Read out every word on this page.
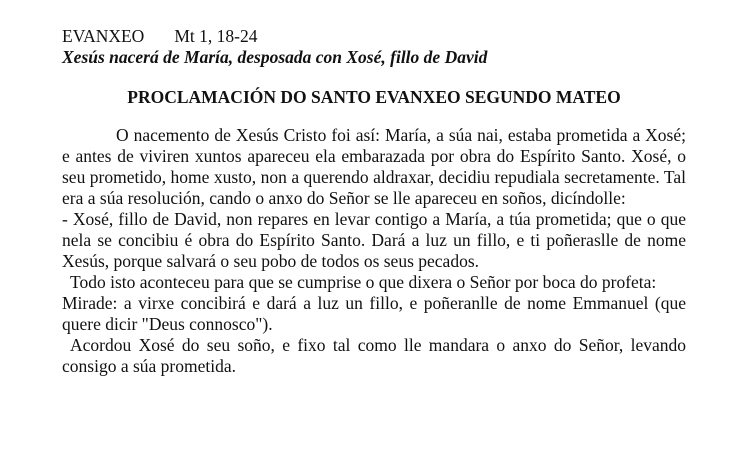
EVANXEO Mt 1, 18-24
Xesús nacerá de María, desposada con Xosé, fillo de David
PROCLAMACIÓN DO SANTO EVANXEO SEGUNDO MATEO

O nacemento de Xesús Cristo foi así: María, a súa nai, estaba prometida a Xosé; e antes de viviren xuntos apareceu ela embarazada por obra do Espírito Santo. Xosé, o seu prometido, home xusto, non a querendo aldraxar, decidiu repudiala secretamente. Tal era a súa resolución, cando o anxo do Señor se lle apareceu en soños, dicíndolle:

- Xosé, fillo de David, non repares en levar contigo a María, a túa prometida; que o que nela se concibiu é obra do Espírito Santo. Dará a luz un fillo, e ti poñeraslle de nome Xesús, porque salvará o seu pobo de todos os seus pecados.

Todo isto aconteceu para que se cumprise o que dixera o Señor por boca do profeta:

Mirade: a virxe concibirá e dará a luz un fillo, e poñeranlle de nome Emmanuel (que quere dicir "Deus connosco").

Acordou Xosé do seu soño, e fixo tal como lle mandara o anxo do Señor, levando consigo a súa prometida.
